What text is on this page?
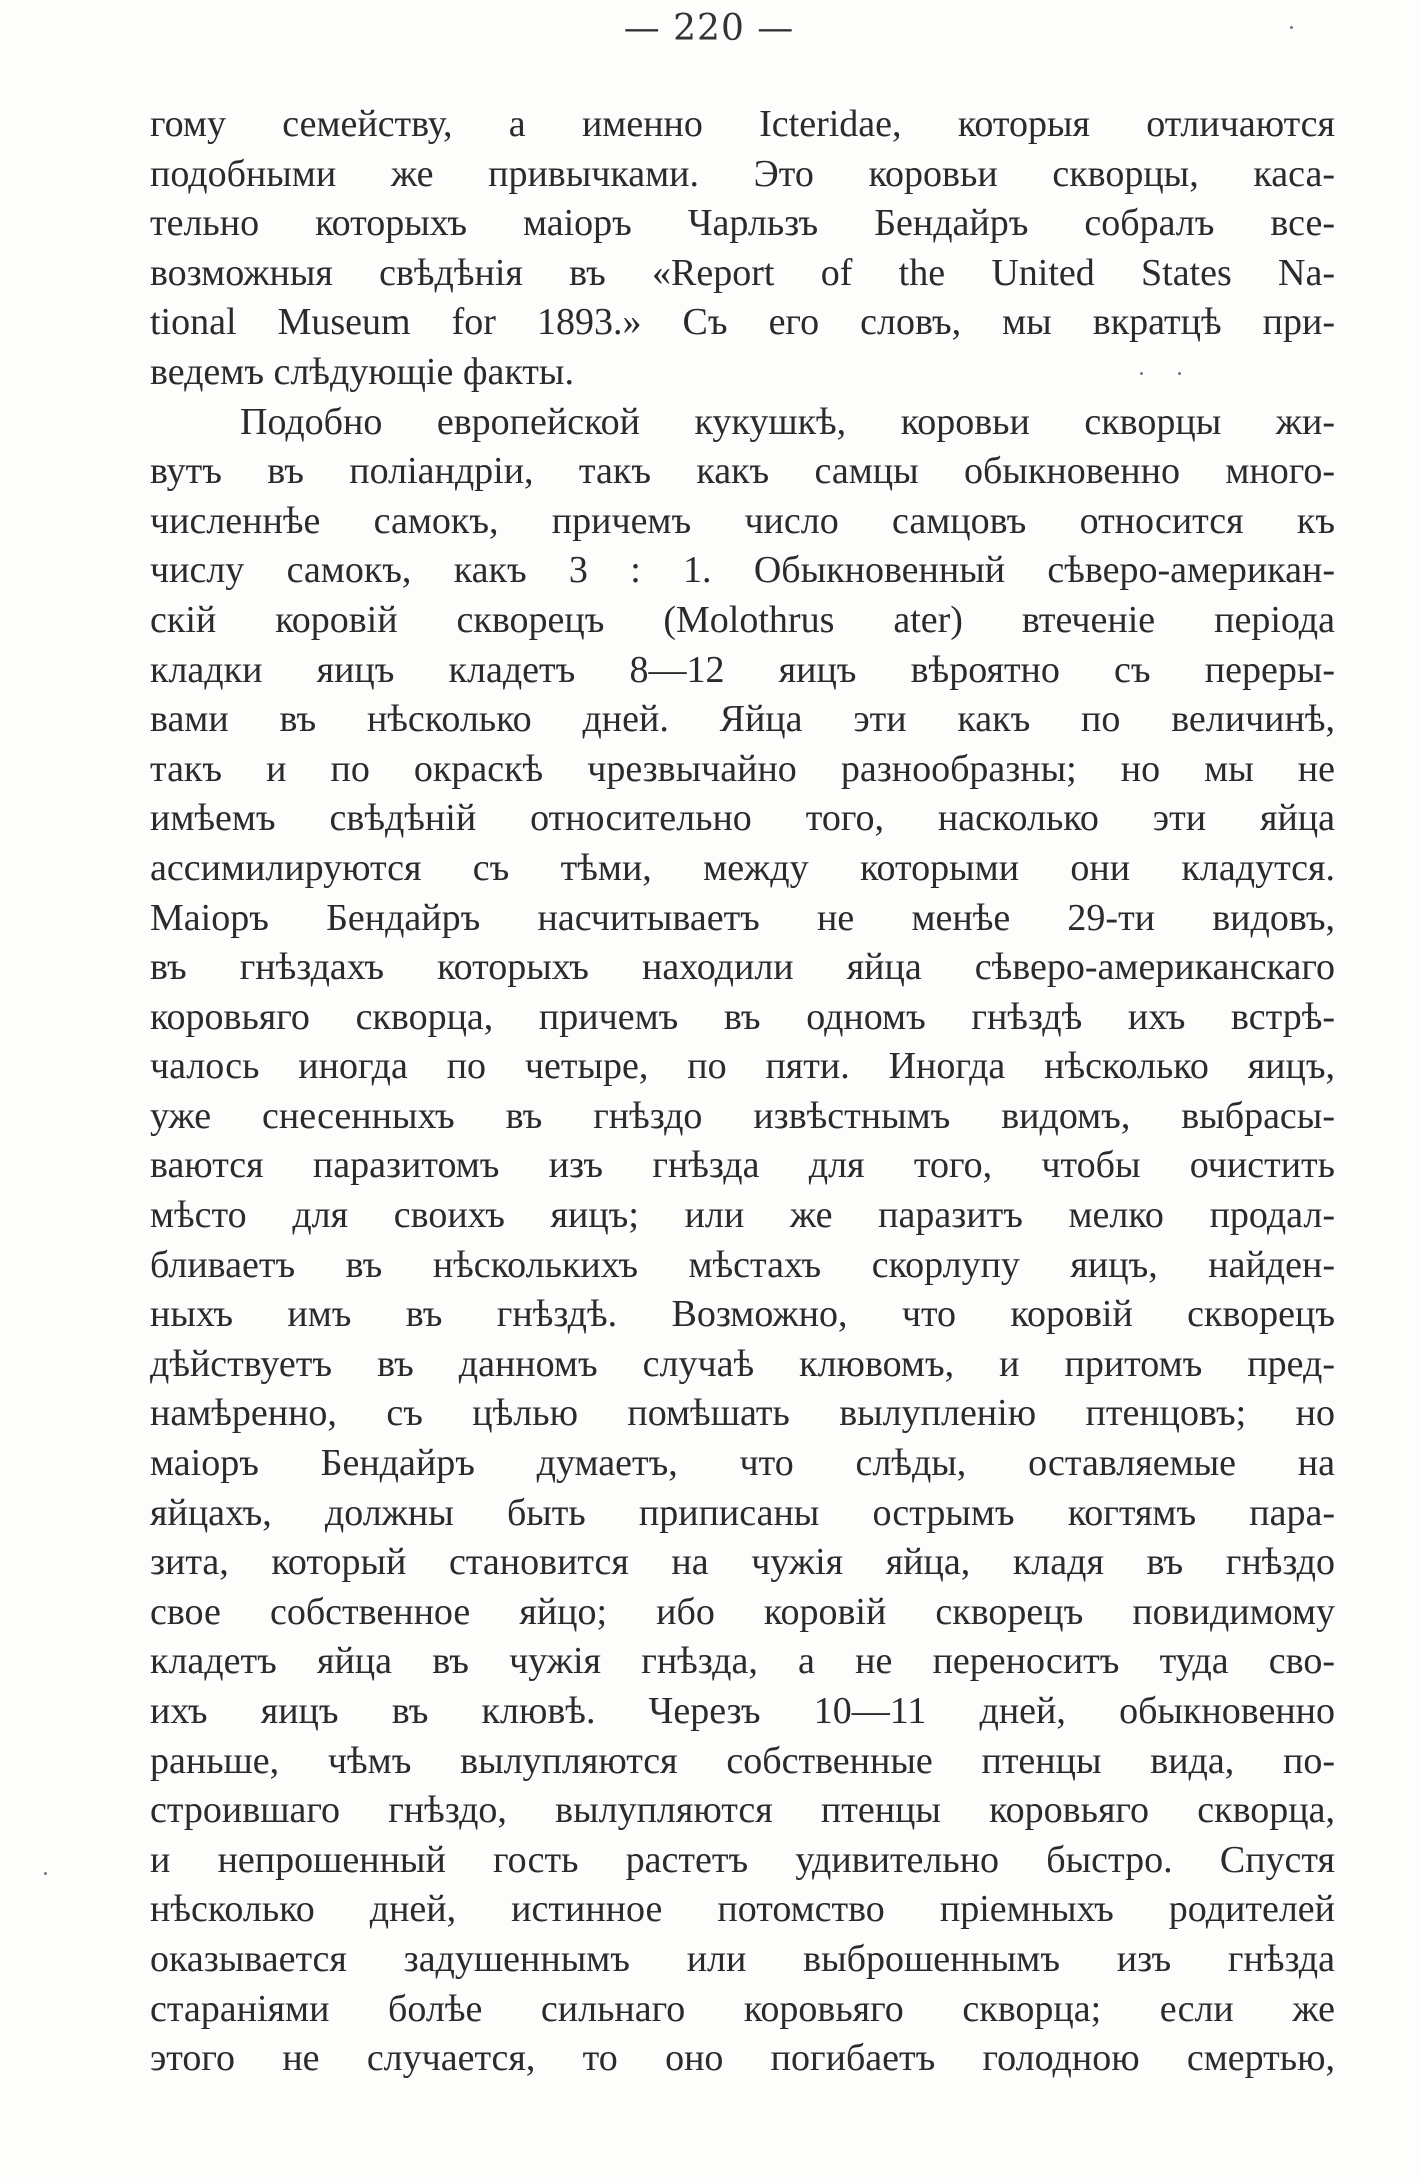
— 220 —
гому семейству, а именно Icteridae, которыя отличаются
подобными же привычками. Это коровьи скворцы, каса-
тельно которыхъ маіоръ Чарльзъ Бендайръ собралъ все-
возможныя свѣдѣнія въ «Report of the United States Na-
tional Museum for 1893.» Съ его словъ, мы вкратцѣ при-
ведемъ слѣдующіе факты.
Подобно европейской кукушкѣ, коровьи скворцы жи-
вутъ въ поліандріи, такъ какъ самцы обыкновенно много-
численнѣе самокъ, причемъ число самцовъ относится къ
числу самокъ, какъ 3 : 1. Обыкновенный сѣверо-американ-
скій коровій скворецъ (Molothrus ater) втеченіе періода
кладки яицъ кладетъ 8—12 яицъ вѣроятно съ переры-
вами въ нѣсколько дней. Яйца эти какъ по величинѣ,
такъ и по окраскѣ чрезвычайно разнообразны; но мы не
имѣемъ свѣдѣній относительно того, насколько эти яйца
ассимилируются съ тѣми, между которыми они кладутся.
Маіоръ Бендайръ насчитываетъ не менѣе 29-ти видовъ,
въ гнѣздахъ которыхъ находили яйца сѣверо-американскаго
коровьяго скворца, причемъ въ одномъ гнѣздѣ ихъ встрѣ-
чалось иногда по четыре, по пяти. Иногда нѣсколько яицъ,
уже снесенныхъ въ гнѣздо извѣстнымъ видомъ, выбрасы-
ваются паразитомъ изъ гнѣзда для того, чтобы очистить
мѣсто для своихъ яицъ; или же паразитъ мелко продал-
бливаетъ въ нѣсколькихъ мѣстахъ скорлупу яицъ, найден-
ныхъ имъ въ гнѣздѣ. Возможно, что коровій скворецъ
дѣйствуетъ въ данномъ случаѣ клювомъ, и притомъ пред-
намѣренно, съ цѣлью помѣшать вылупленію птенцовъ; но
маіоръ Бендайръ думаетъ, что слѣды, оставляемые на
яйцахъ, должны быть приписаны острымъ когтямъ пара-
зита, который становится на чужія яйца, кладя въ гнѣздо
свое собственное яйцо; ибо коровій скворецъ повидимому
кладетъ яйца въ чужія гнѣзда, а не переноситъ туда сво-
ихъ яицъ въ клювѣ. Черезъ 10—11 дней, обыкновенно
раньше, чѣмъ вылупляются собственные птенцы вида, по-
строившаго гнѣздо, вылупляются птенцы коровьяго скворца,
и непрошенный гость растетъ удивительно быстро. Спустя
нѣсколько дней, истинное потомство пріемныхъ родителей
оказывается задушеннымъ или выброшеннымъ изъ гнѣзда
стараніями болѣе сильнаго коровьяго скворца; если же
этого не случается, то оно погибаетъ голодною смертью,
